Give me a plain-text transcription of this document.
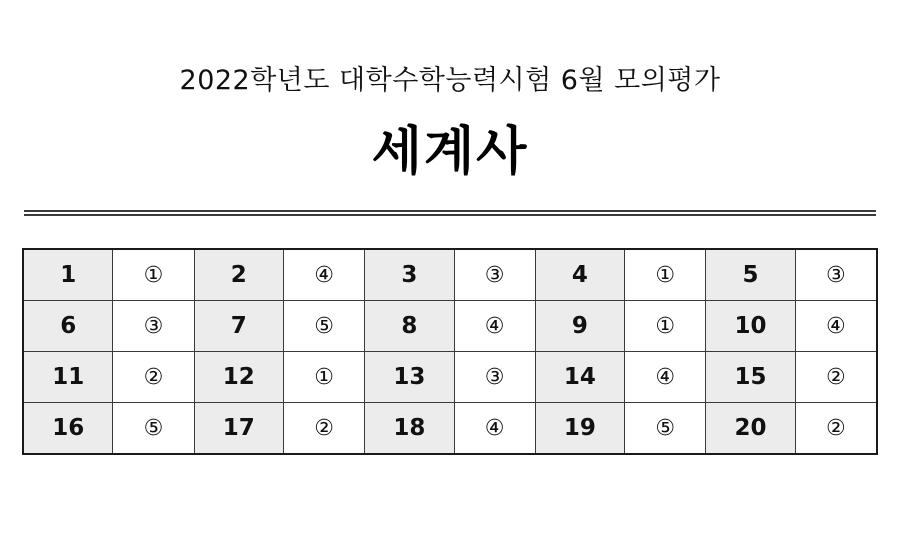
2022학년도 대학수학능력시험 6월 모의평가
세계사
1	①	2	④	3	③	4	①	5	③
6	③	7	⑤	8	④	9	①	10	④
11	②	12	①	13	③	14	④	15	②
16	⑤	17	②	18	④	19	⑤	20	②
